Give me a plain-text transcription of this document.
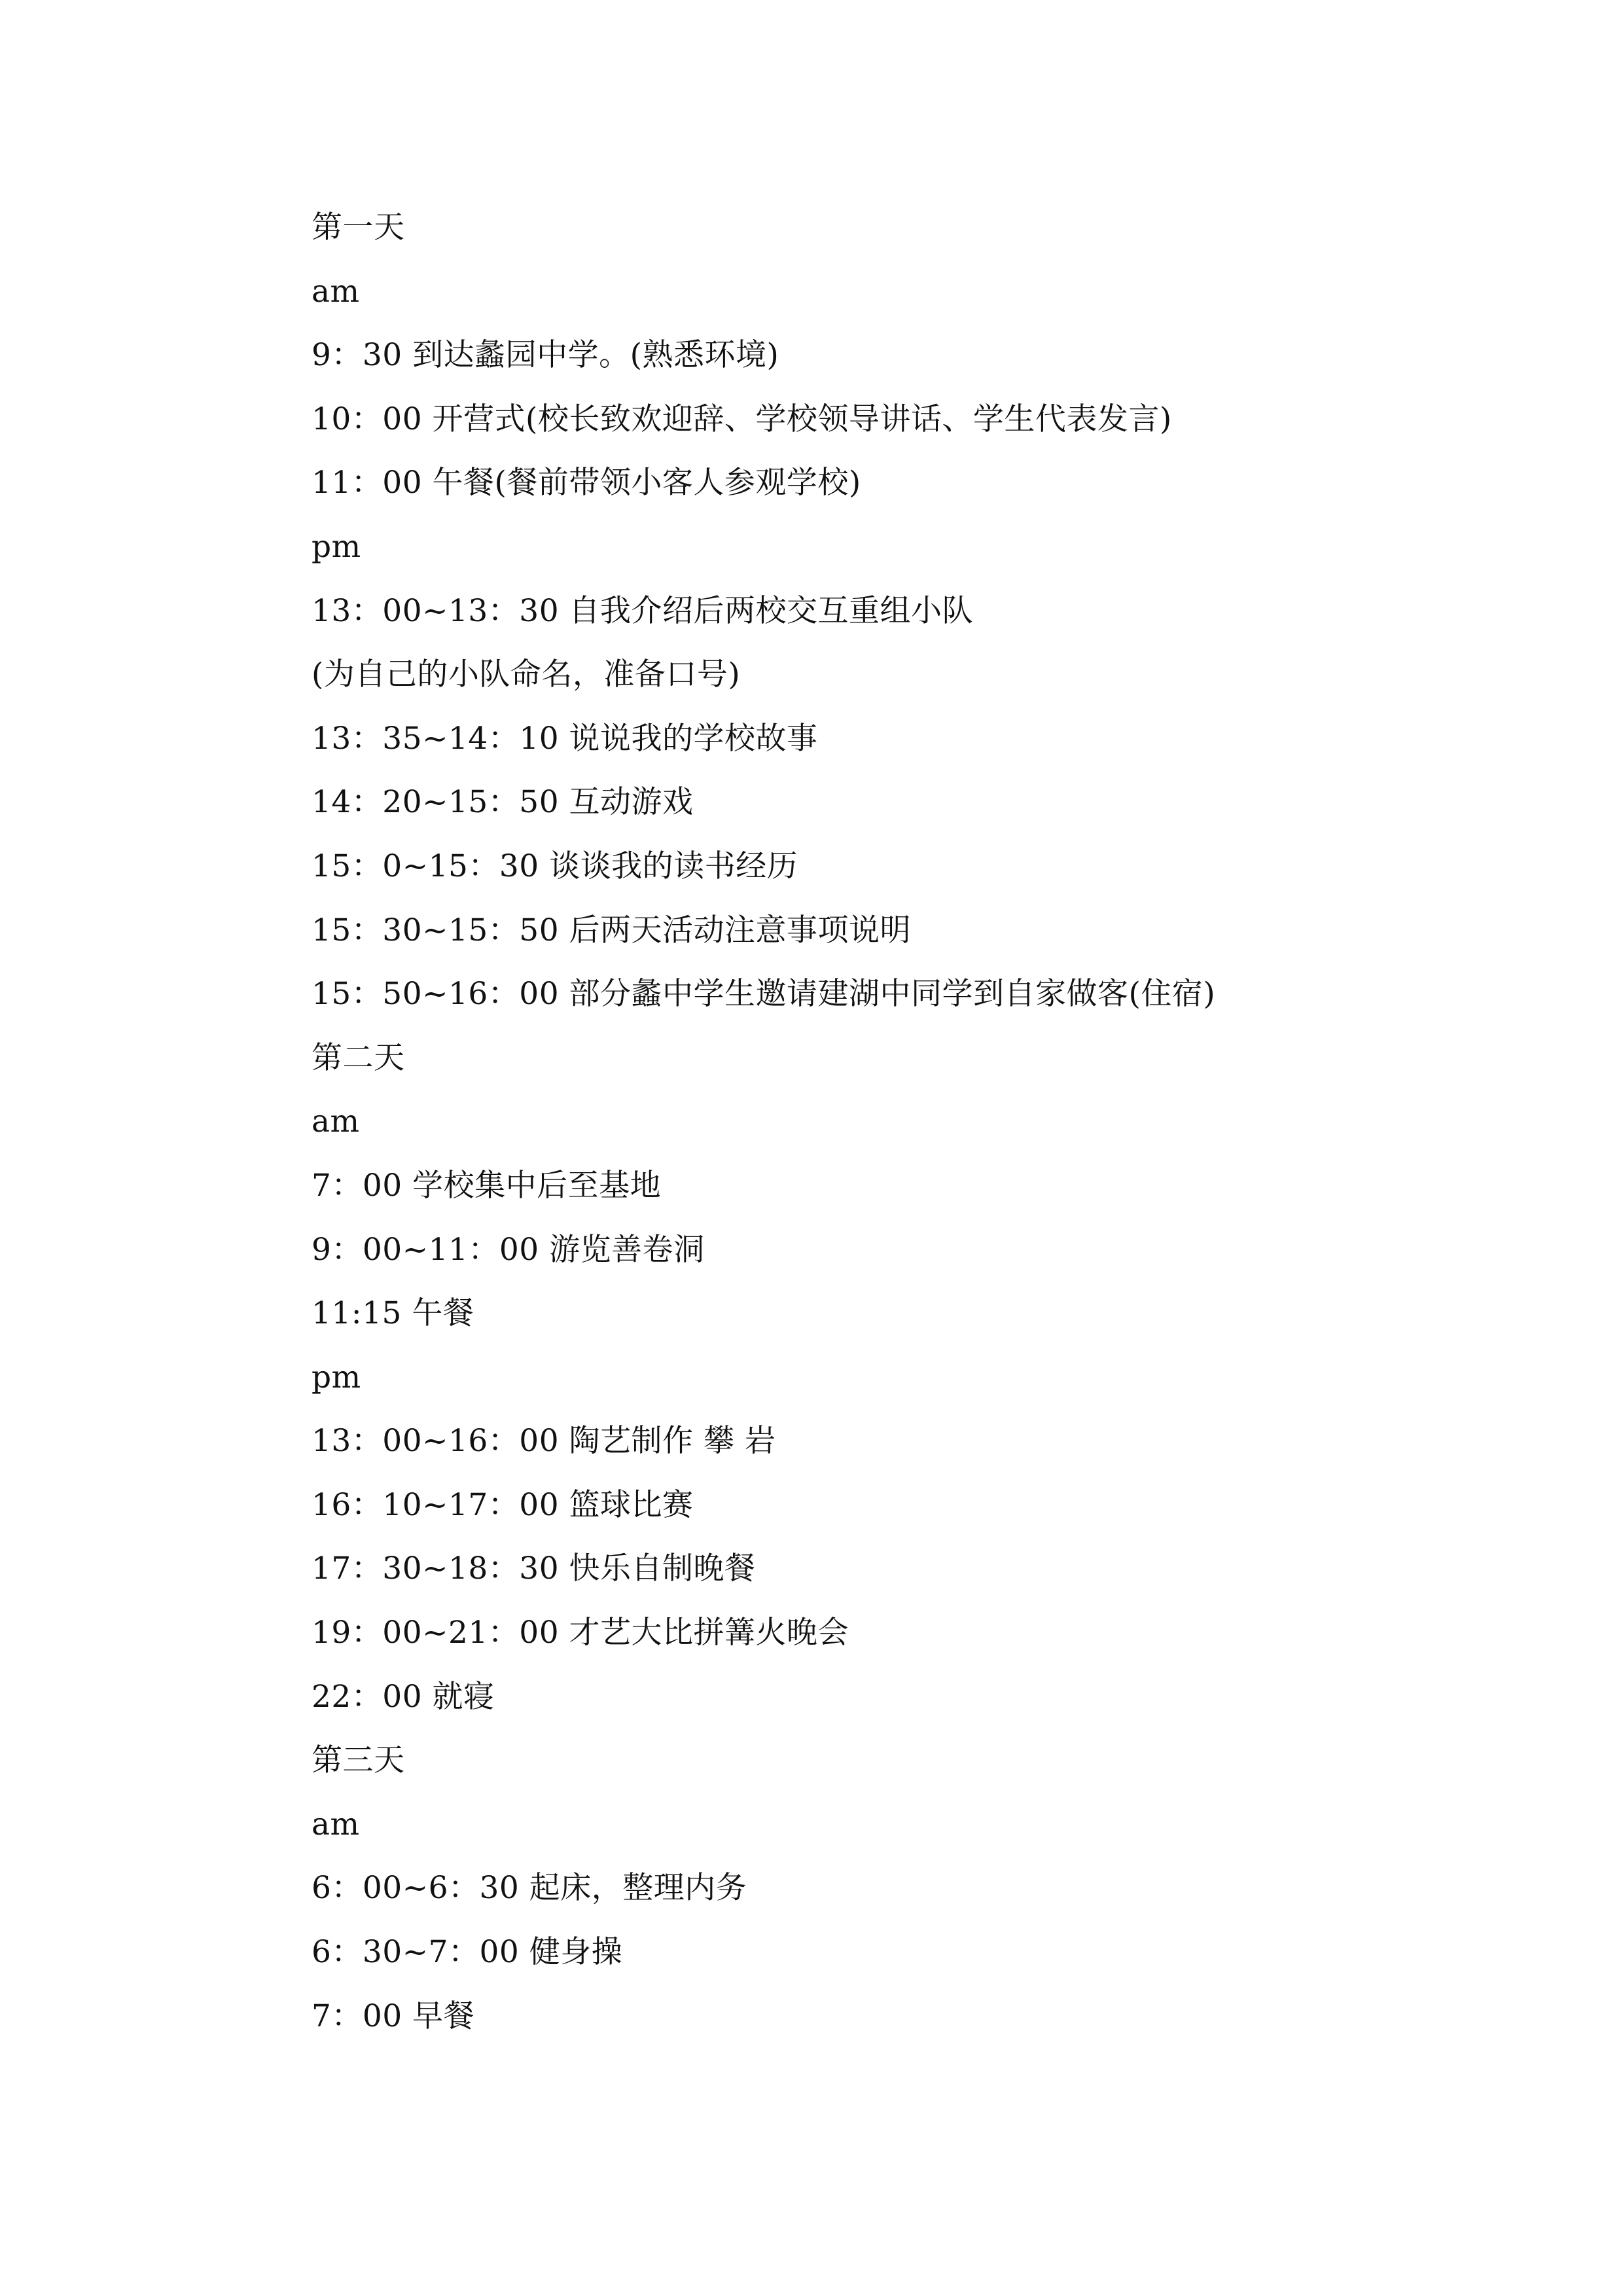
第一天
am
9：30 到达蠡园中学。(熟悉环境)
10：00 开营式(校长致欢迎辞、学校领导讲话、学生代表发言)
11：00 午餐(餐前带领小客人参观学校)
pm
13：00~13：30 自我介绍后两校交互重组小队
(为自己的小队命名，准备口号)
13：35~14：10 说说我的学校故事
14：20~15：50 互动游戏
15：0~15：30 谈谈我的读书经历
15：30~15：50 后两天活动注意事项说明
15：50~16：00 部分蠡中学生邀请建湖中同学到自家做客(住宿)
第二天
am
7：00 学校集中后至基地
9：00~11：00 游览善卷洞
11:15 午餐
pm
13：00~16：00 陶艺制作 攀 岩
16：10~17：00 篮球比赛
17：30~18：30 快乐自制晚餐
19：00~21：00 才艺大比拼篝火晚会
22：00 就寝
第三天
am
6：00~6：30 起床，整理内务
6：30~7：00 健身操
7：00 早餐
